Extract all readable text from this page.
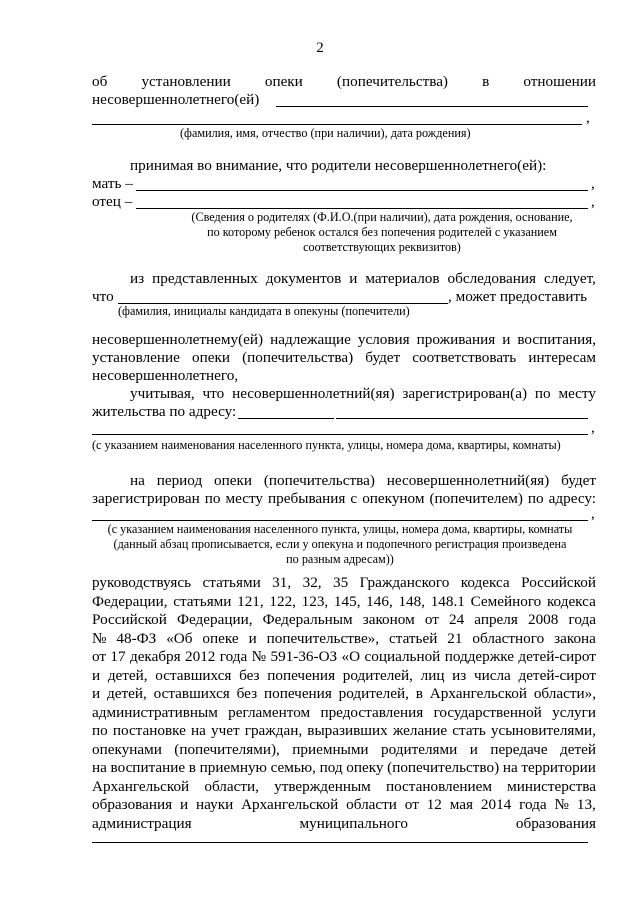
2
об установлении опеки (попечительства) в отношении
несовершеннолетнего(ей)
,
(фамилия, имя, отчество (при наличии), дата рождения)
принимая во внимание, что родители несовершеннолетнего(ей):
мать –	,
отец –	,
(Сведения о родителях (Ф.И.О.(при наличии), дата рождения, основание,
по которому ребенок остался без попечения родителей с указанием
соответствующих реквизитов)
из представленных документов и материалов обследования следует,
что	, может предоставить
(фамилия, инициалы кандидата в опекуны (попечители)
несовершеннолетнему(ей) надлежащие условия проживания и воспитания,
установление опеки (попечительства) будет соответствовать интересам
несовершеннолетнего,
учитывая, что несовершеннолетний(яя) зарегистрирован(а) по месту
жительства по адресу:
,
(с указанием наименования населенного пункта, улицы, номера дома, квартиры, комнаты)
на период опеки (попечительства) несовершеннолетний(яя) будет
зарегистрирован по месту пребывания с опекуном (попечителем) по адресу:
,
(с указанием наименования населенного пункта, улицы, номера дома, квартиры, комнаты
(данный абзац прописывается, если у опекуна и подопечного регистрация произведена
по разным адресам))
руководствуясь статьями 31, 32, 35 Гражданского кодекса Российской
Федерации, статьями 121, 122, 123, 145, 146, 148, 148.1 Семейного кодекса
Российской Федерации, Федеральным законом от 24 апреля 2008 года
№ 48-ФЗ «Об опеке и попечительстве», статьей 21 областного закона
от 17 декабря 2012 года № 591-36-ОЗ «О социальной поддержке детей-сирот
и детей, оставшихся без попечения родителей, лиц из числа детей-сирот
и детей, оставшихся без попечения родителей, в Архангельской области»,
административным регламентом предоставления государственной услуги
по постановке на учет граждан, выразивших желание стать усыновителями,
опекунами (попечителями), приемными родителями и передаче детей
на воспитание в приемную семью, под опеку (попечительство) на территории
Архангельской области, утвержденным постановлением министерства
образования и науки Архангельской области от 12 мая 2014 года № 13,
администрация	муниципального	образования
